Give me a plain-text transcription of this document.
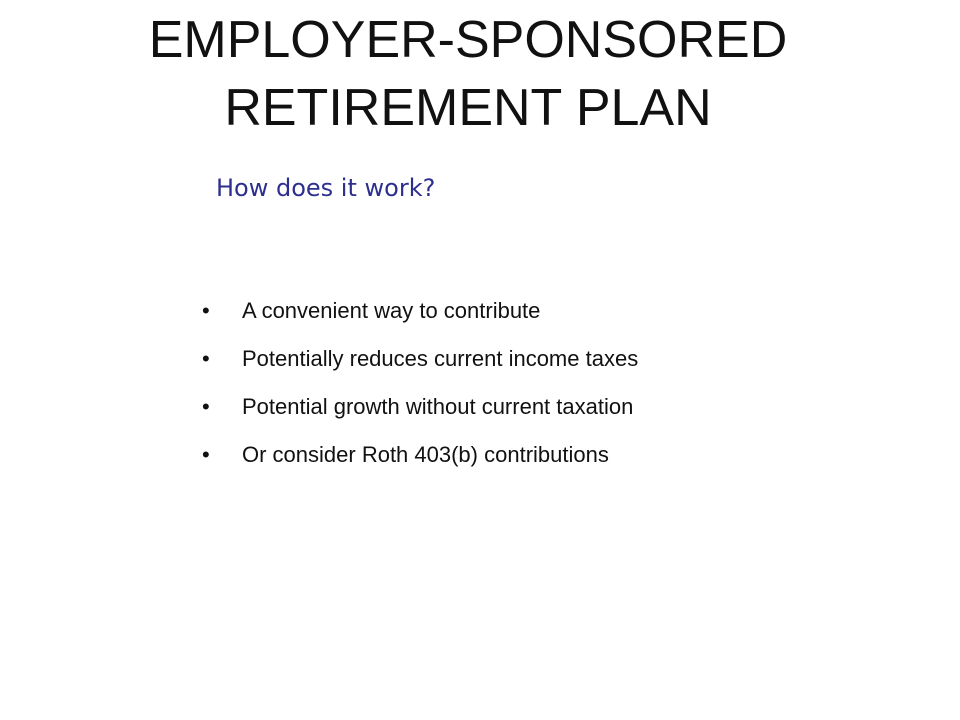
EMPLOYER-SPONSORED
RETIREMENT PLAN

How does it work?

•	A convenient way to contribute
•	Potentially reduces current income taxes
•	Potential growth without current taxation
•	Or consider Roth 403(b) contributions
